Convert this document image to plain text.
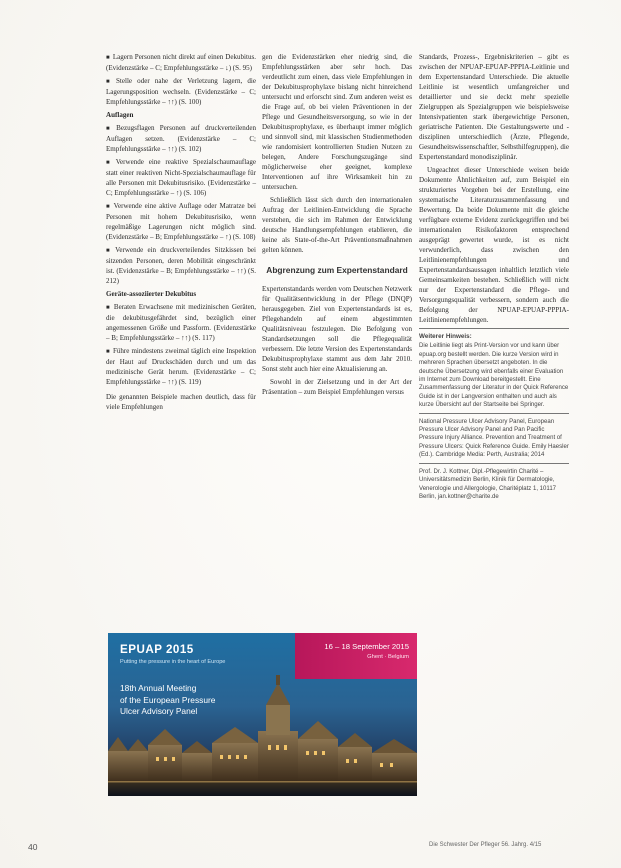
■ Lagern Personen nicht direkt auf einen Dekubitus. (Evidenzstärke – C; Empfehlungsstärke – ↓) (S. 95)

■ Stelle oder nahe der Verletzung lagern, die Lagerungsposition wechseln. (Evidenzstärke – C; Empfehlungsstärke – ↑↑) (S. 100)

Auflagen

■ Bezugsflagen Personen auf druckverteilenden Auflagen setzen. (Evidenzstärke – C; Empfehlungsstärke – ↑↑) (S. 102)

■ Verwende eine reaktive Spezialschaumauflage statt einer reaktiven Nicht-Spezialschaumauflage für alle Personen mit Dekubitusrisiko. (Evidenzstärke – C; Empfehlungsstärke – ↑) (S. 106)

■ Verwende eine aktive Auflage oder Matratze bei Personen mit hohem Dekubitusrisiko, wenn regelmäßige Lagerungen nicht möglich sind. (Evidenzstärke – B; Empfehlungsstärke – ↑) (S. 108)

■ Verwende ein druckverteilendes Sitzkissen bei sitzenden Personen, deren Mobilität eingeschränkt ist. (Evidenzstärke – B; Empfehlungsstärke – ↑↑) (S. 212)

Geräte-assoziierter Dekubitus

■ Beraten Erwachsene mit medizinischen Geräten, die dekubitusgefährdet sind, bezüglich einer angemessenen Größe und Passform. (Evidenzstärke – B; Empfehlungsstärke – ↑↑) (S. 117)

■ Führe mindestens zweimal täglich eine Inspektion der Haut auf Druckschäden durch und um das medizinische Gerät herum. (Evidenzstärke – C; Empfehlungsstärke – ↑↑) (S. 119)

Die genannten Beispiele machen deutlich, dass für viele Empfehlungen

gen die Evidenzstärken eher niedrig sind, die Empfehlungsstärken aber sehr hoch. Das verdeutlicht zum einen, dass viele Empfehlungen in der Dekubitusprophylaxe bislang nicht hinreichend untersucht und erforscht sind. Zum anderen weist es die Frage auf, ob bei vielen Präventionen in der Pflege und Gesundheitsversorgung, so wie in der Dekubitusprophylaxe, es überhaupt immer möglich und sinnvoll sind, mit klassischen Studienmethoden wie randomisiert kontrollierten Studien Nutzen zu belegen, Andere Forschungszugänge sind möglicherweise eher geeignet, komplexe Interventionen auf ihre Wirksamkeit hin zu untersuchen.

Schließlich lässt sich durch den internationalen Auftrag der Leitlinien-Entwicklung die Sprache verstehen, die sich im Rahmen der Entwicklung deutsche Handlungsempfehlungen etablieren, die keine als State-of-the-Art Präventionsmaßnahmen gelten können.

Abgrenzung zum Expertenstandard

Expertenstandards werden vom Deutschen Netzwerk für Qualitätsentwicklung in der Pflege (DNQP) herausgegeben. Ziel von Expertenstandards ist es, Pflegehandeln auf einem abgestimmten Qualitätsniveau festzulegen. Die Befolgung von Standardsetzungen soll die Pflegequalität verbessern. Die letzte Version des Expertenstandards Dekubitusprophylaxe stammt aus dem Jahr 2010. Sonst steht auch hier eine Aktualisierung an.

Sowohl in der Zielsetzung und in der Art der Präsentation – zum Beispiel Empfehlungen versus

Standards, Prozess-, Ergebniskriterien – gibt es zwischen der NPUAP-EPUAP-PPPIA-Leitlinie und dem Expertenstandard Unterschiede. Die aktuelle Leitlinie ist wesentlich umfangreicher und detaillierter und sie deckt mehr spezielle Zielgruppen als Spezialgruppen wie beispielsweise Intensivpatienten stark übergewichtige Personen, geriatrische Patienten. Die Gestaltungswerte und -disziplinen unterschiedlich (Ärzte, Pflegende, Gesundheitswissenschaftler, Selbsthilfegruppen), die Expertenstandard monodisziplinär.

Ungeachtet dieser Unterschiede weisen beide Dokumente Ähnlichkeiten auf, zum Beispiel ein strukturiertes Vorgehen bei der Erstellung, eine systematische Literaturzusammenfassung und Bewertung. Da beide Dokumente mit die gleiche verfügbare externe Evidenz zurückgegriffen und bei internationalen Risikofaktoren entsprechend ausgeprägt gewertet wurde, ist es nicht verwunderlich, dass zwischen den Leitlinienempfehlungen und Expertenstandardsaussagen inhaltlich letztlich viele Gemeinsamkeiten bestehen. Schließlich will nicht nur der Expertenstandard die Pflege- und Versorgungsqualität verbessern, sondern auch die Befolgung der NPUAP-EPUAP-PPPIA-Leitlinienempfehlungen.

Weiterer Hinweis:
Die Leitlinie liegt als Print-Version vor und kann über epuap.org bestellt werden. Die kurze Version wird in mehreren Sprachen übersetzt angeboten. In die deutsche Übersetzung wird ebenfalls einer Evaluation im Internet zum Download bereitgestellt. Eine Zusammenfassung der Literatur in der Quick Reference Guide ist in der Langversion enthalten und auch als kurze Übersicht auf der Startseite bei Springer.
National Pressure Ulcer Advisory Panel, European Pressure Ulcer Advisory Panel and Pan Pacific Pressure Injury Alliance. Prevention and Treatment of Pressure Ulcers: Quick Reference Guide. Emily Haesler (Ed.). Cambridge Media: Perth, Australia; 2014
Prof. Dr. J. Kottner, Dipl.-Pflegewirtin Charité – Universitätsmedizin Berlin, Klinik für Dermatologie, Venerologie und Allergologie, Charitéplatz 1, 10117 Berlin, jan.kottner@charite.de
EPUAP 2015
Putting the pressure in the heart of Europe
16 – 18 September 2015
Ghent · Belgium
18th Annual Meeting
of the European Pressure
Ulcer Advisory Panel
40	Die Schwester Der Pfleger 56. Jahrg. 4/15
